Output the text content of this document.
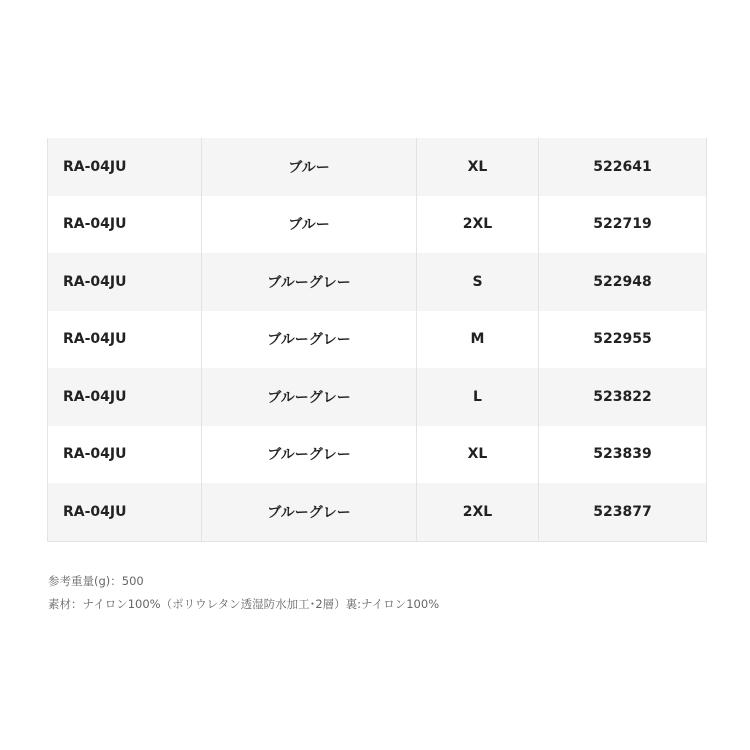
RA-04JU	ブルー	XL	522641
RA-04JU	ブルー	2XL	522719
RA-04JU	ブルーグレー	S	522948
RA-04JU	ブルーグレー	M	522955
RA-04JU	ブルーグレー	L	523822
RA-04JU	ブルーグレー	XL	523839
RA-04JU	ブルーグレー	2XL	523877
参考重量(g)：500
素材：ナイロン100%（ポリウレタン透湿防水加工･2層）裏:ナイロン100%
